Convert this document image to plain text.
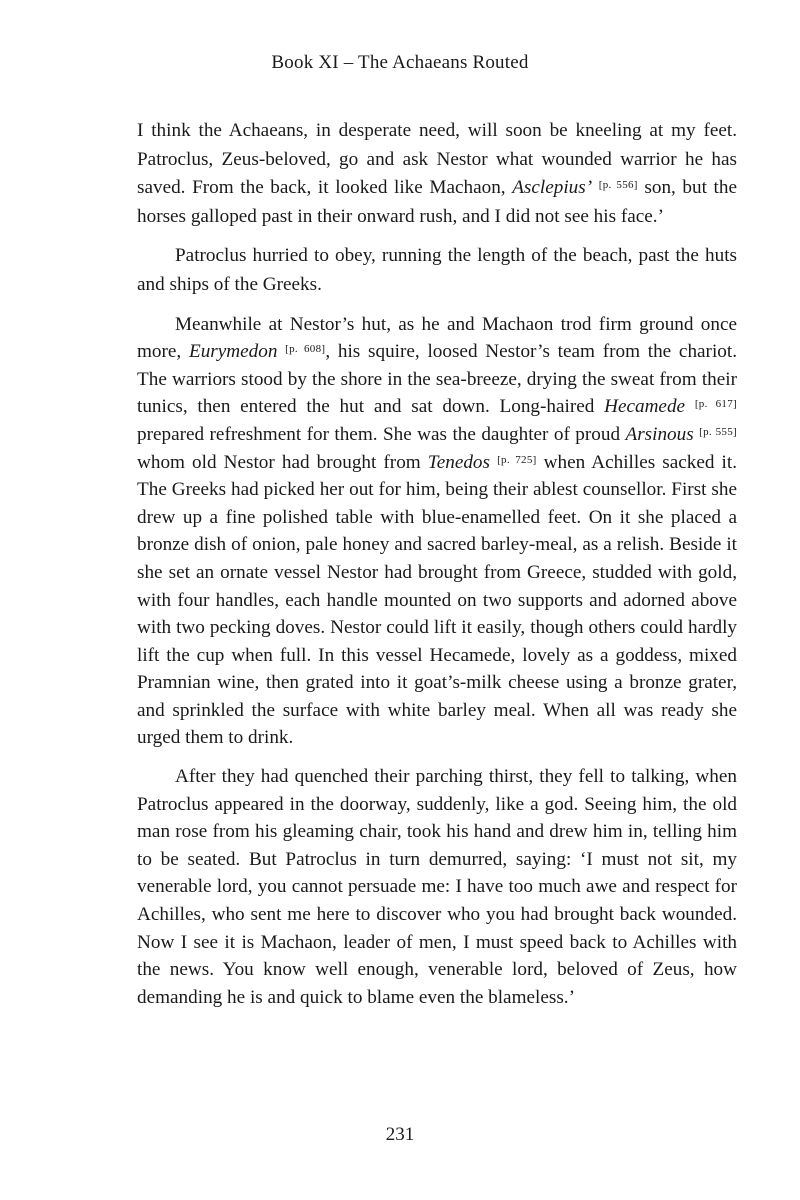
Book XI – The Achaeans Routed

I think the Achaeans, in desperate need, will soon be kneeling at my feet. Patroclus, Zeus-beloved, go and ask Nestor what wounded warrior he has saved. From the back, it looked like Machaon, Asclepius’ [p. 556] son, but the horses galloped past in their onward rush, and I did not see his face.’

Patroclus hurried to obey, running the length of the beach, past the huts and ships of the Greeks.

Meanwhile at Nestor’s hut, as he and Machaon trod firm ground once more, Eurymedon [p. 608], his squire, loosed Nestor’s team from the chariot. The warriors stood by the shore in the sea-breeze, drying the sweat from their tunics, then entered the hut and sat down. Long-haired Hecamede [p. 617] prepared refreshment for them. She was the daughter of proud Arsinous [p. 555] whom old Nestor had brought from Tenedos [p. 725] when Achilles sacked it. The Greeks had picked her out for him, being their ablest counsellor. First she drew up a fine polished table with blue-enamelled feet. On it she placed a bronze dish of onion, pale honey and sacred barley-meal, as a relish. Beside it she set an ornate vessel Nestor had brought from Greece, studded with gold, with four handles, each handle mounted on two supports and adorned above with two pecking doves. Nestor could lift it easily, though others could hardly lift the cup when full. In this vessel Hecamede, lovely as a goddess, mixed Pramnian wine, then grated into it goat’s-milk cheese using a bronze grater, and sprinkled the surface with white barley meal. When all was ready she urged them to drink.

After they had quenched their parching thirst, they fell to talking, when Patroclus appeared in the doorway, suddenly, like a god. Seeing him, the old man rose from his gleaming chair, took his hand and drew him in, telling him to be seated. But Patroclus in turn demurred, saying: ‘I must not sit, my venerable lord, you cannot persuade me: I have too much awe and respect for Achilles, who sent me here to discover who you had brought back wounded. Now I see it is Machaon, leader of men, I must speed back to Achilles with the news. You know well enough, venerable lord, beloved of Zeus, how demanding he is and quick to blame even the blameless.’

231
